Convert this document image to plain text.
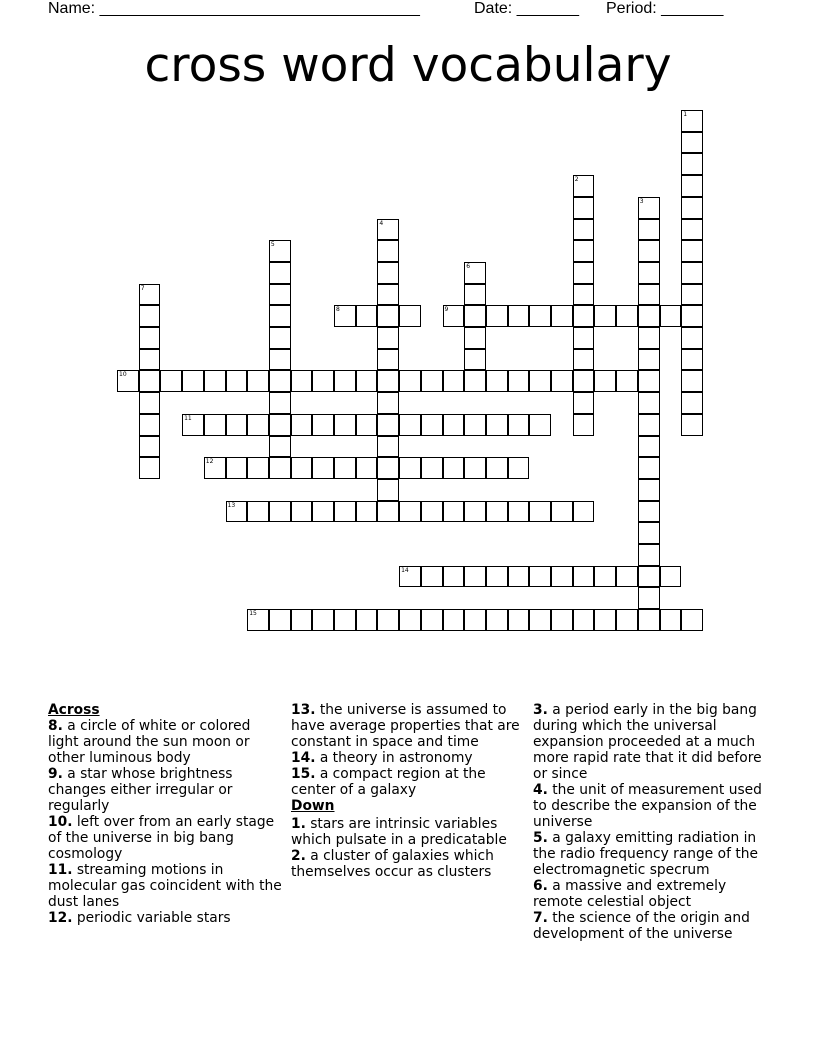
Name: ____________________________________	Date: _______ Period: _______
cross word vocabulary
8	9
10
11
12
13
14
15
1
2
3
4
5
6
7
Across
8. a circle of white or colored light around the sun moon or other luminous body
9. a star whose brightness changes either irregular or regularly
10. left over from an early stage of the universe in big bang cosmology
11. streaming motions in molecular gas coincident with the dust lanes
12. periodic variable stars
13. the universe is assumed to have average properties that are constant in space and time
14. a theory in astronomy
15. a compact region at the center of a galaxy
Down
1. stars are intrinsic variables which pulsate in a predicatable
2. a cluster of galaxies which themselves occur as clusters
3. a period early in the big bang during which the universal expansion proceeded at a much more rapid rate that it did before or since
4. the unit of measurement used to describe the expansion of the universe
5. a galaxy emitting radiation in the radio frequency range of the electromagnetic specrum
6. a massive and extremely remote celestial object
7. the science of the origin and development of the universe
